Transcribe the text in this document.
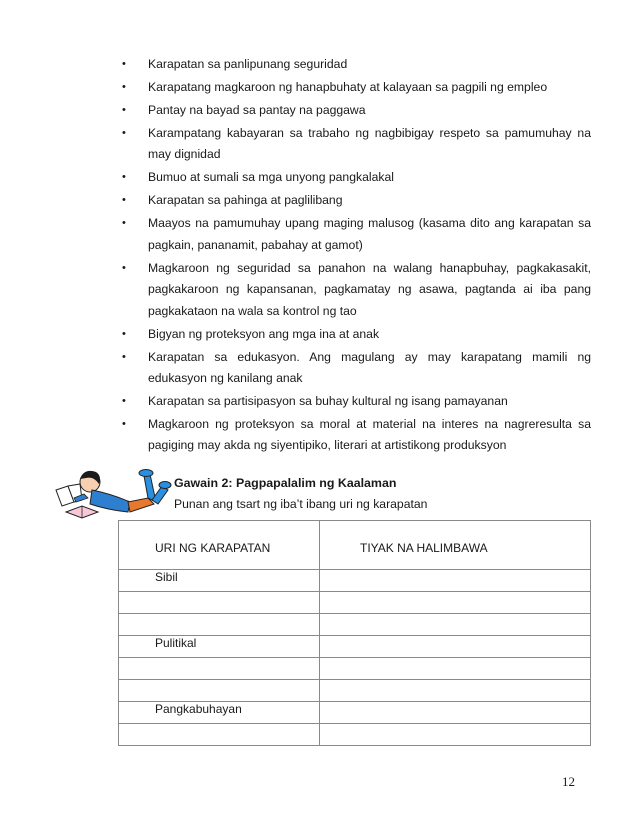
• Karapatan sa panlipunang seguridad
• Karapatang magkaroon ng hanapbuhaty at kalayaan sa pagpili ng empleo
• Pantay na bayad sa pantay na paggawa
• Karampatang kabayaran sa trabaho ng nagbibigay respeto sa pamumuhay na may dignidad
• Bumuo at sumali sa mga unyong pangkalakal
• Karapatan sa pahinga at paglilibang
• Maayos na pamumuhay upang maging malusog (kasama dito ang karapatan sa pagkain, pananamit, pabahay at gamot)
• Magkaroon ng seguridad sa panahon na walang hanapbuhay, pagkakasakit, pagkakaroon ng kapansanan, pagkamatay ng asawa, pagtanda ai iba pang pagkakataon na wala sa kontrol ng tao
• Bigyan ng proteksyon ang mga ina at anak
• Karapatan sa edukasyon. Ang magulang ay may karapatang mamili ng edukasyon ng kanilang anak
• Karapatan sa partisipasyon sa buhay kultural ng isang pamayanan
• Magkaroon ng proteksyon sa moral at material na interes na nagreresulta sa pagiging may akda ng siyentipiko, literari at artistikong produksyon
Gawain 2: Pagpapalalim ng Kaalaman
Punan ang tsart ng iba’t ibang uri ng karapatan
URI NG KARAPATAN	TIYAK NA HALIMBAWA
Sibil	

Pulitikal	

Pangkabuhayan	

12
